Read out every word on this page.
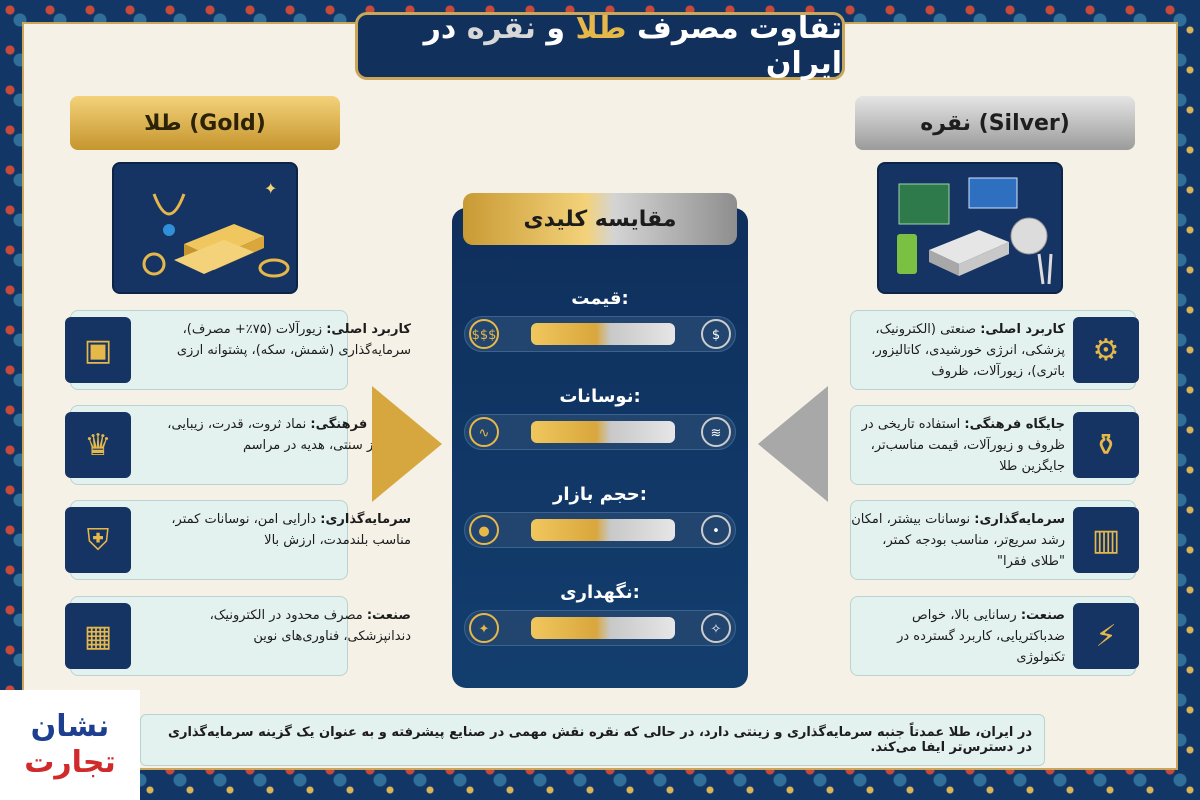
تفاوت مصرف طلا و نقره در ایران
طلا (Gold)
✦
▣
کاربرد اصلی: زیورآلات (۷۵٪+ مصرف)، سرمایه‌گذاری (شمش، سکه)، پشتوانه ارزی
♛
جایگاه فرهنگی: نماد ثروت، قدرت، زیبایی، پس‌انداز سنتی، هدیه در مراسم
⛨
سرمایه‌گذاری: دارایی امن، نوسانات کمتر، مناسب بلندمدت، ارزش بالا
▦
صنعت: مصرف محدود در الکترونیک، دندانپزشکی، فناوری‌های نوین
نقره (Silver)
⚙
کاربرد اصلی: صنعتی (الکترونیک، پزشکی، انرژی خورشیدی، کاتالیزور، باتری)، زیورآلات، ظروف
⚱
جایگاه فرهنگی: استفاده تاریخی در ظروف و زیورآلات، قیمت مناسب‌تر، جایگزین طلا
▥
سرمایه‌گذاری: نوسانات بیشتر، امکان رشد سریع‌تر، مناسب بودجه کمتر، "طلای فقرا"
⚡
صنعت: رسانایی بالا، خواص ضدباکتریایی، کاربرد گسترده در تکنولوژی
قیمت:
$$$	$
نوسانات:
∿	≋
حجم بازار:
●	•
نگهداری:
✦	✧
مقایسه کلیدی
در ایران، طلا عمدتاً جنبه سرمایه‌گذاری و زینتی دارد، در حالی که نقره نقش مهمی در صنایع پیشرفته و به عنوان یک گزینه سرمایه‌گذاری در دسترس‌تر ایفا می‌کند.
نشان
تجارت
